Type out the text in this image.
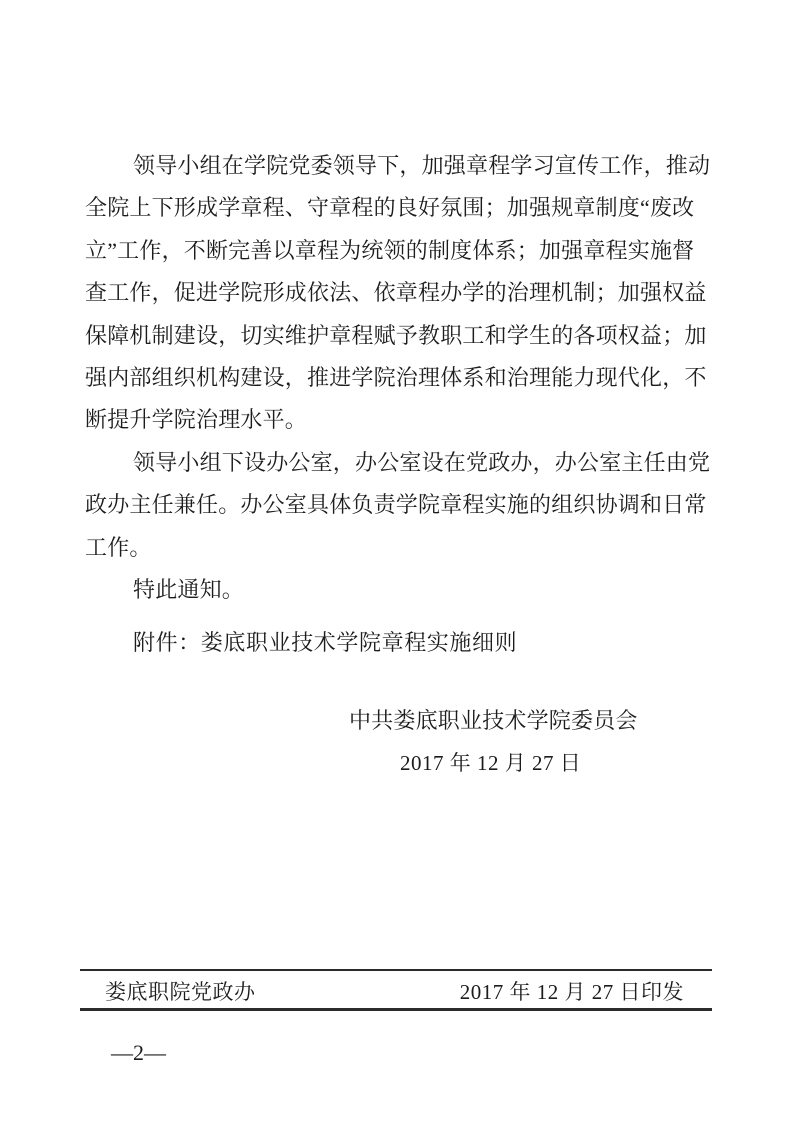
领导小组在学院党委领导下，加强章程学习宣传工作，推动

全院上下形成学章程、守章程的良好氛围；加强规章制度“废改

立”工作，不断完善以章程为统领的制度体系；加强章程实施督

查工作，促进学院形成依法、依章程办学的治理机制；加强权益

保障机制建设，切实维护章程赋予教职工和学生的各项权益；加

强内部组织机构建设，推进学院治理体系和治理能力现代化，不

断提升学院治理水平。

领导小组下设办公室，办公室设在党政办，办公室主任由党

政办主任兼任。办公室具体负责学院章程实施的组织协调和日常

工作。

特此通知。

附件：娄底职业技术学院章程实施细则

中共娄底职业技术学院委员会

2017 年 12 月 27 日

娄底职院党政办	2017 年 12 月 27 日印发

—2—
